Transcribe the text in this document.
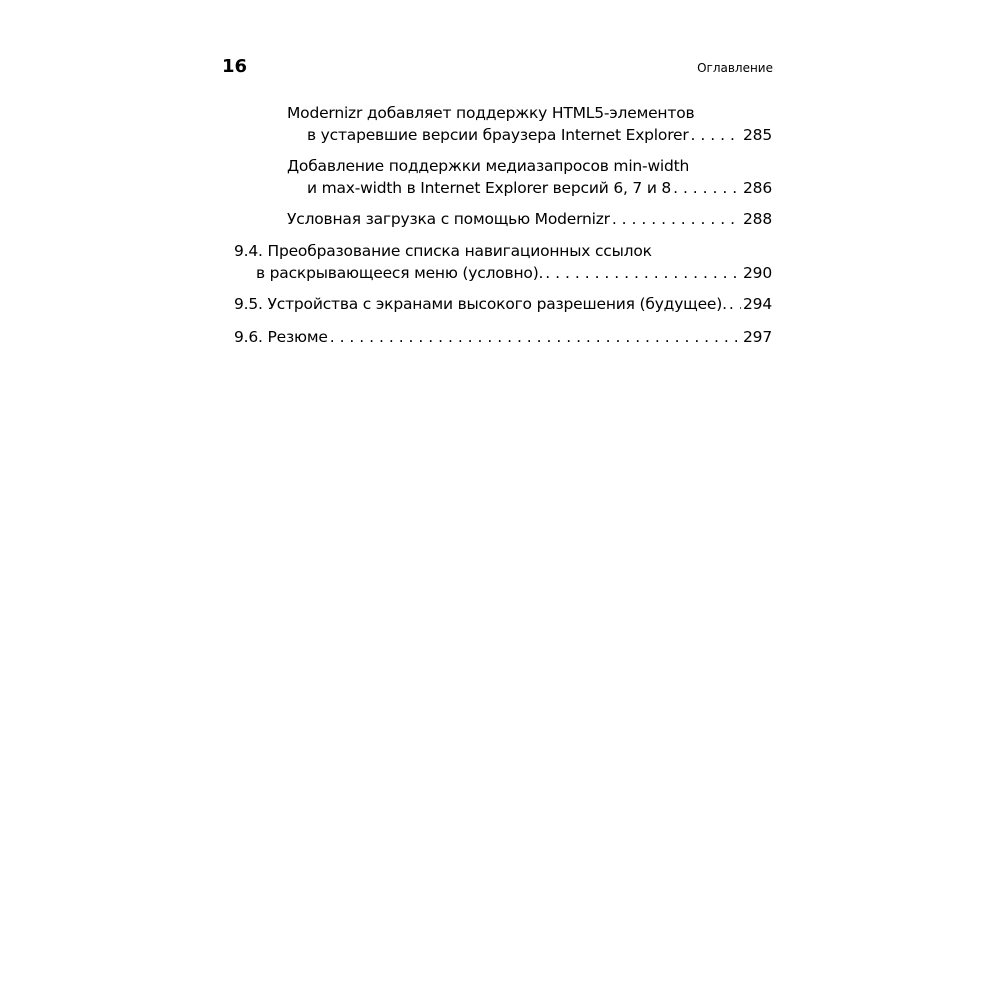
16	Оглавление
Modernizr добавляет поддержку HTML5-элементов
в устаревшие версии браузера Internet Explorer . . .	285
Добавление поддержки медиазапросов min-width
и max-width в Internet Explorer версий 6, 7 и 8 . . .	286
Условная загрузка с помощью Modernizr . . .	288
9.4. Преобразование списка навигационных ссылок
в раскрывающееся меню (условно). . . .	290
9.5. Устройства с экранами высокого разрешения (будущее). . . . 294
9.6. Резюме . . .	297
